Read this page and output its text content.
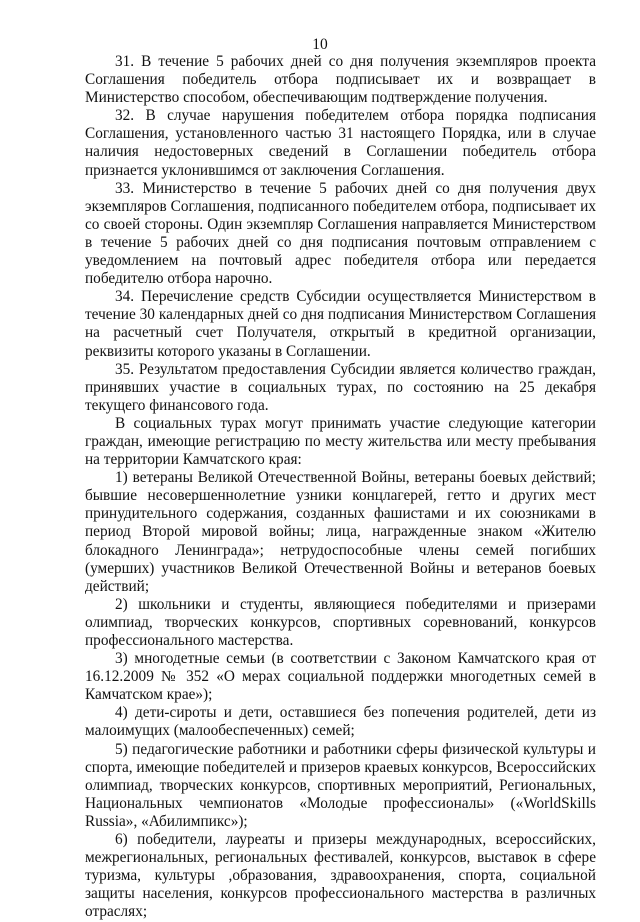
10

31. В течение 5 рабочих дней со дня получения экземпляров проекта Соглашения победитель отбора подписывает их и возвращает в Министерство способом, обеспечивающим подтверждение получения.

32. В случае нарушения победителем отбора порядка подписания Соглашения, установленного частью 31 настоящего Порядка, или в случае наличия недостоверных сведений в Соглашении победитель отбора признается уклонившимся от заключения Соглашения.

33. Министерство в течение 5 рабочих дней со дня получения двух экземпляров Соглашения, подписанного победителем отбора, подписывает их со своей стороны. Один экземпляр Соглашения направляется Министерством в течение 5 рабочих дней со дня подписания почтовым отправлением с уведомлением на почтовый адрес победителя отбора или передается победителю отбора нарочно.

34. Перечисление средств Субсидии осуществляется Министерством в течение 30 календарных дней со дня подписания Министерством Соглашения на расчетный счет Получателя, открытый в кредитной организации, реквизиты которого указаны в Соглашении.

35. Результатом предоставления Субсидии является количество граждан, принявших участие в социальных турах, по состоянию на 25 декабря текущего финансового года.

В социальных турах могут принимать участие следующие категории граждан, имеющие регистрацию по месту жительства или месту пребывания на территории Камчатского края:

1) ветераны Великой Отечественной Войны, ветераны боевых действий; бывшие несовершеннолетние узники концлагерей, гетто и других мест принудительного содержания, созданных фашистами и их союзниками в период Второй мировой войны; лица, награжденные знаком «Жителю блокадного Ленинграда»; нетрудоспособные члены семей погибших (умерших) участников Великой Отечественной Войны и ветеранов боевых действий;

2) школьники и студенты, являющиеся победителями и призерами олимпиад, творческих конкурсов, спортивных соревнований, конкурсов профессионального мастерства.

3) многодетные семьи (в соответствии с Законом Камчатского края от 16.12.2009 № 352 «О мерах социальной поддержки многодетных семей в Камчатском крае»);

4) дети-сироты и дети, оставшиеся без попечения родителей, дети из малоимущих (малообеспеченных) семей;

5) педагогические работники и работники сферы физической культуры и спорта, имеющие победителей и призеров краевых конкурсов, Всероссийских олимпиад, творческих конкурсов, спортивных мероприятий, Региональных, Национальных чемпионатов «Молодые профессионалы» («WorldSkills Russia», «Абилимпикс»);

6) победители, лауреаты и призеры международных, всероссийских, межрегиональных, региональных фестивалей, конкурсов, выставок в сфере туризма, культуры ,образования, здравоохранения, спорта, социальной защиты населения, конкурсов профессионального мастерства в различных отраслях;
